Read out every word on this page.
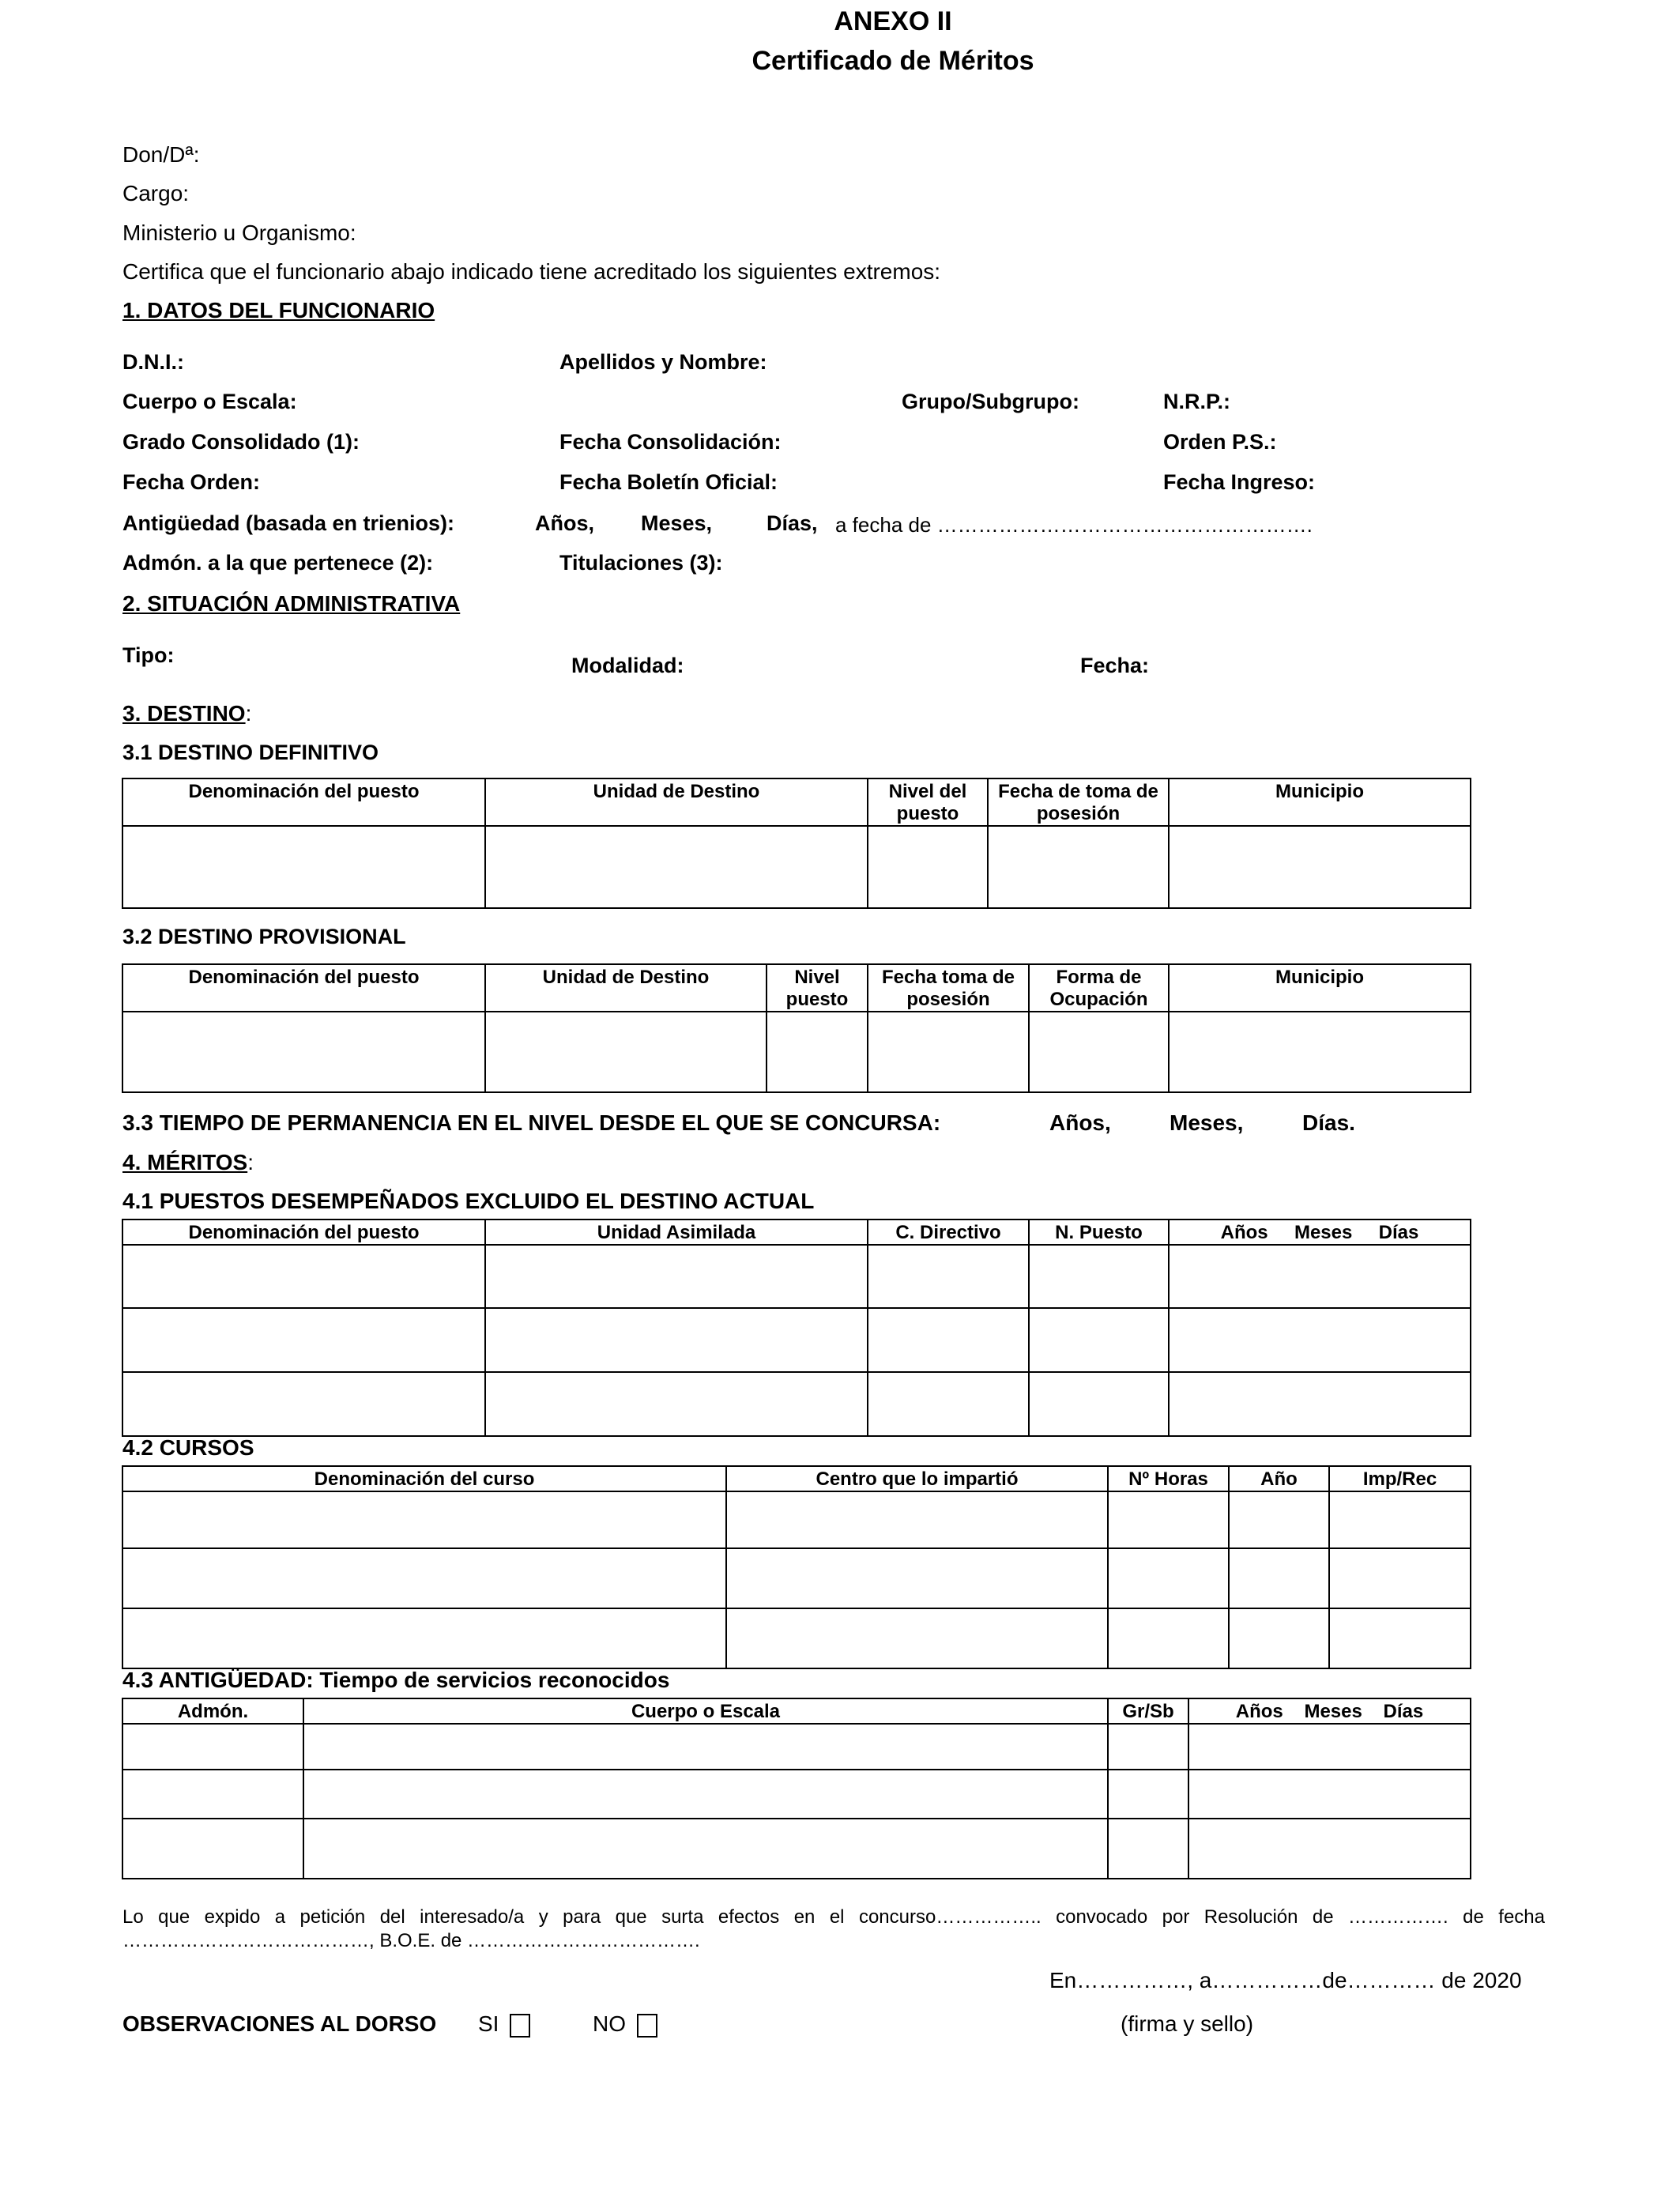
ANEXO II
Certificado de Méritos
Don/Dª:
Cargo:
Ministerio u Organismo:
Certifica que el funcionario abajo indicado tiene acreditado los siguientes extremos:
1. DATOS DEL FUNCIONARIO
D.N.I.:	Apellidos y Nombre:
Cuerpo o Escala:	Grupo/Subgrupo:	N.R.P.:
Grado Consolidado (1):	Fecha Consolidación:	Orden P.S.:
Fecha Orden:	Fecha Boletín Oficial:	Fecha Ingreso:
Antigüedad (basada en trienios):	Años, Meses,	Días, a fecha de ……………………………………………….
Admón. a la que pertenece (2):	Titulaciones (3):
2. SITUACIÓN ADMINISTRATIVA
Tipo:	Modalidad:	Fecha:
3. DESTINO:
3.1 DESTINO DEFINITIVO
Denominación del puesto	Unidad de Destino	Nivel del puesto	Fecha de toma de posesión	Municipio

3.2 DESTINO PROVISIONAL
Denominación del puesto	Unidad de Destino	Nivel puesto	Fecha toma de posesión	Forma de Ocupación	Municipio

3.3 TIEMPO DE PERMANENCIA EN EL NIVEL DESDE EL QUE SE CONCURSA:	Años,	Meses,	Días.
4. MÉRITOS:
4.1 PUESTOS DESEMPEÑADOS EXCLUIDO EL DESTINO ACTUAL
Denominación del puesto	Unidad Asimilada	C. Directivo	N. Puesto	Años     Meses     Días

4.2 CURSOS
Denominación del curso	Centro que lo impartió	Nº Horas	Año	Imp/Rec

4.3 ANTIGÜEDAD: Tiempo de servicios reconocidos
Admón.	Cuerpo o Escala	Gr/Sb	Años    Meses    Días

Lo que expido a petición del interesado/a y para que surta efectos en el concurso…………….. convocado por Resolución de ……………. de fecha
…………………………………, B.O.E. de ……………………………….
En……………, a……………de………… de 2020
OBSERVACIONES AL DORSO SI	NO	(firma y sello)
